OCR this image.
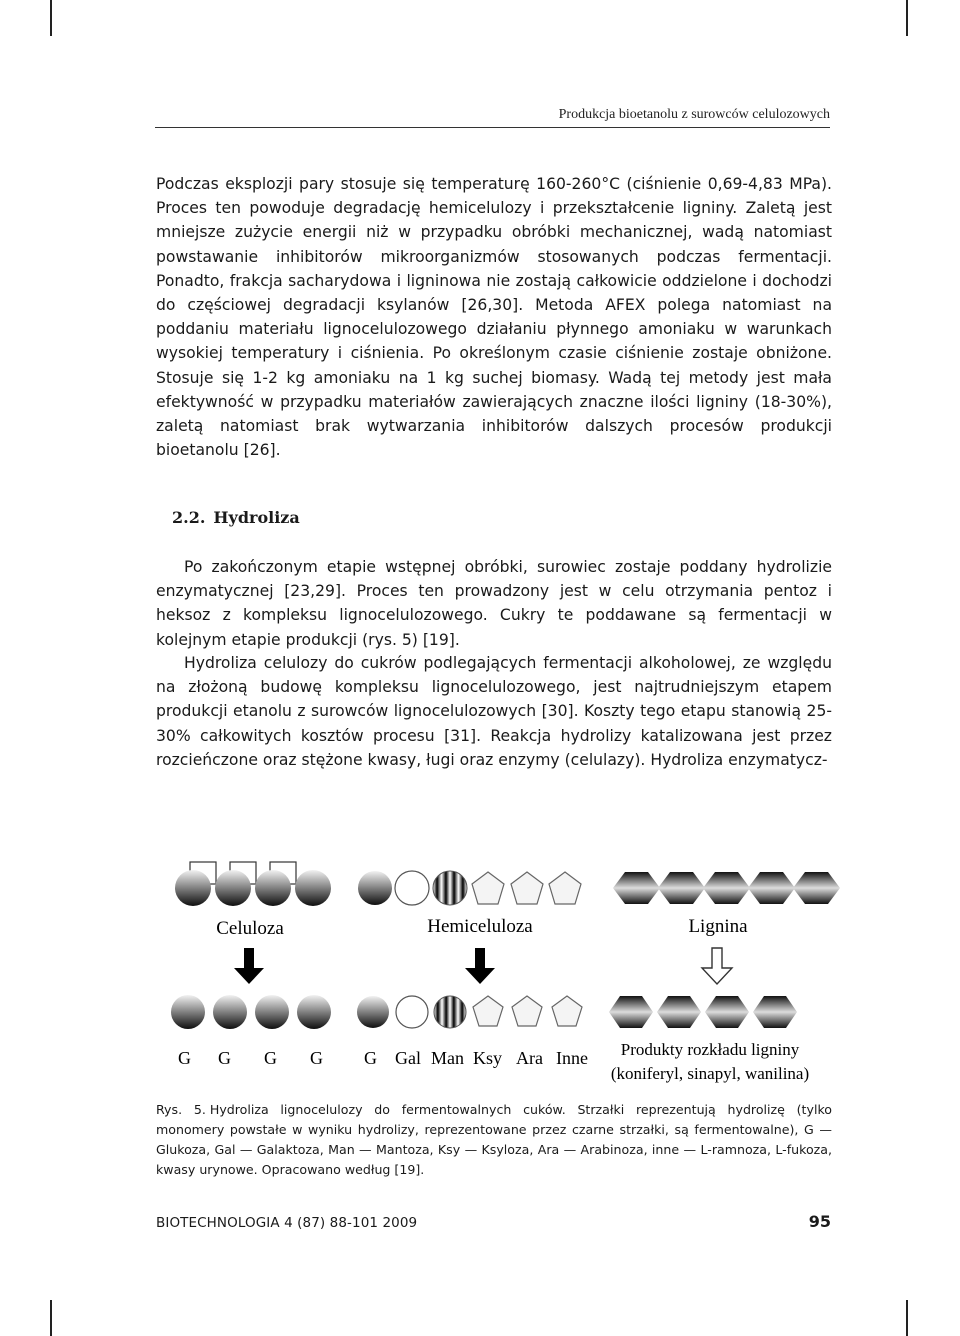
Produkcja bioetanolu z surowców celulozowych

Podczas eksplozji pary stosuje się temperaturę 160-260°C (ciśnienie 0,69-4,83 MPa). Proces ten powoduje degradację hemicelulozy i przekształcenie ligniny. Zaletą jest mniejsze zużycie energii niż w przypadku obróbki mechanicznej, wadą natomiast powstawanie inhibitorów mikroorganizmów stosowanych podczas fermentacji. Ponadto, frakcja sacharydowa i ligninowa nie zostają całkowicie oddzielone i dochodzi do częściowej degradacji ksylanów [26,30]. Metoda AFEX polega natomiast na poddaniu materiału lignocelulozowego działaniu płynnego amoniaku w warunkach wysokiej temperatury i ciśnienia. Po określonym czasie ciśnienie zostaje obniżone. Stosuje się 1-2 kg amoniaku na 1 kg suchej biomasy. Wadą tej metody jest mała efektywność w przypadku materiałów zawierających znaczne ilości ligniny (18-30%), zaletą natomiast brak wytwarzania inhibitorów dalszych procesów produkcji bioetanolu [26].

2.2. Hydroliza

Po zakończonym etapie wstępnej obróbki, surowiec zostaje poddany hydrolizie enzymatycznej [23,29]. Proces ten prowadzony jest w celu otrzymania pentoz i heksoz z kompleksu lignocelulozowego. Cukry te poddawane są fermentacji w kolejnym etapie produkcji (rys. 5) [19].

Hydroliza celulozy do cukrów podlegających fermentacji alkoholowej, ze względu na złożoną budowę kompleksu lignocelulozowego, jest najtrudniejszym etapem produkcji etanolu z surowców lignocelulozowych [30]. Koszty tego etapu stanowią 25-30% całkowitych kosztów procesu [31]. Reakcja hydrolizy katalizowana jest przez rozcieńczone oraz stężone kwasy, ługi oraz enzymy (celulazy). Hydroliza enzymatycz-

Celuloza	Hemiceluloza	Lignina
G G G G G Gal Man Ksy Ara Inne Produkty rozkładu ligniny
(koniferyl, sinapyl, wanilina)

Rys. 5. Hydroliza lignocelulozy do fermentowalnych cuków. Strzałki reprezentują hydrolizę (tylko monomery powstałe w wyniku hydrolizy, reprezentowane przez czarne strzałki, są fermentowalne), G — Glukoza, Gal — Galaktoza, Man — Mantoza, Ksy — Ksyloza, Ara — Arabinoza, inne — L-ramnoza, L-fukoza, kwasy urynowe. Opracowano według [19].

BIOTECHNOLOGIA 4 (87) 88-101 2009	95
